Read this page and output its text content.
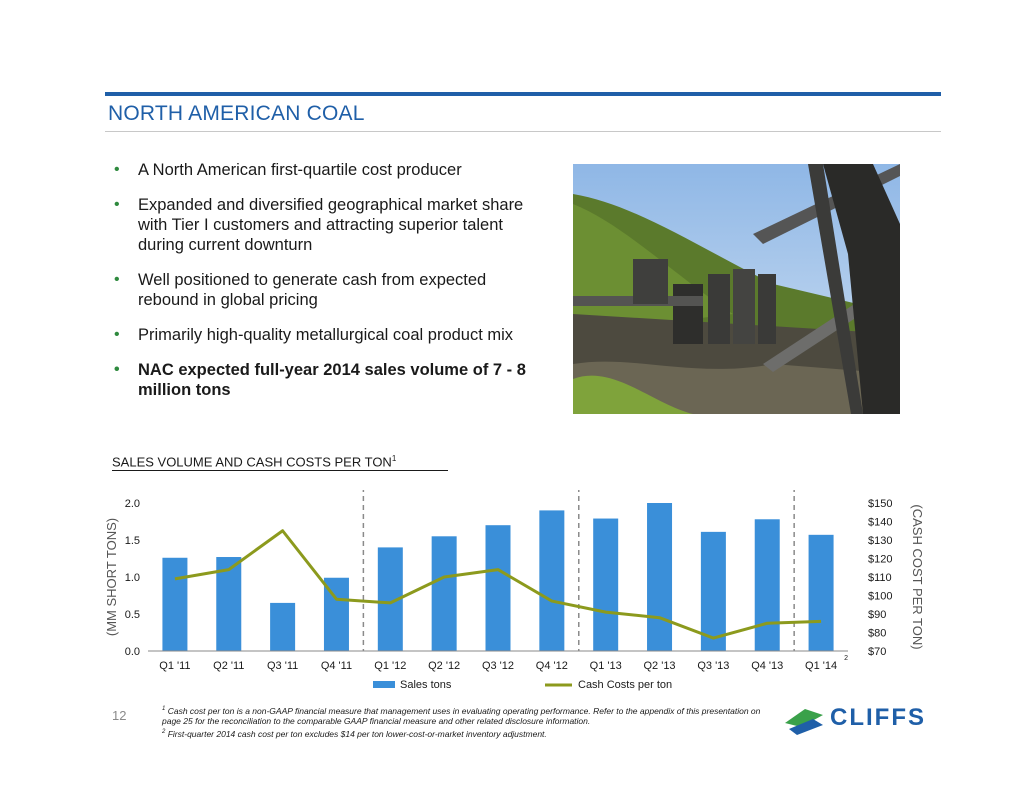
NORTH AMERICAN COAL
• A North American first-quartile cost producer
• Expanded and diversified geographical market share with Tier I customers and attracting superior talent during current downturn
• Well positioned to generate cash from expected rebound in global pricing
• Primarily high-quality metallurgical coal product mix
• NAC expected full-year 2014 sales volume of 7 - 8 million tons
SALES VOLUME AND CASH COSTS PER TON$^1$
0.0
0.5
1.0
1.5
2.0
$70
$80
$90
$100
$110
$120
$130
$140
$150
Q1 '11 Q2 '11 Q3 '11 Q4 '11 Q1 '12 Q2 '12 Q3 '12 Q4 '12 Q1 '13 Q2 '13 Q3 '13 Q4 '13 Q1 '14
2
(MM SHORT TONS)	(CASH COST PER TON)
Sales tons	Cash Costs per ton
12	$^1$ Cash cost per ton is a non-GAAP financial measure that management uses in evaluating operating performance. Refer to the appendix of this presentation on page 25 for the reconciliation to the comparable GAAP financial measure and other related disclosure information.
$^2$ First-quarter 2014 cash cost per ton excludes $14 per ton lower-cost-or-market inventory adjustment.
CLIFFS
